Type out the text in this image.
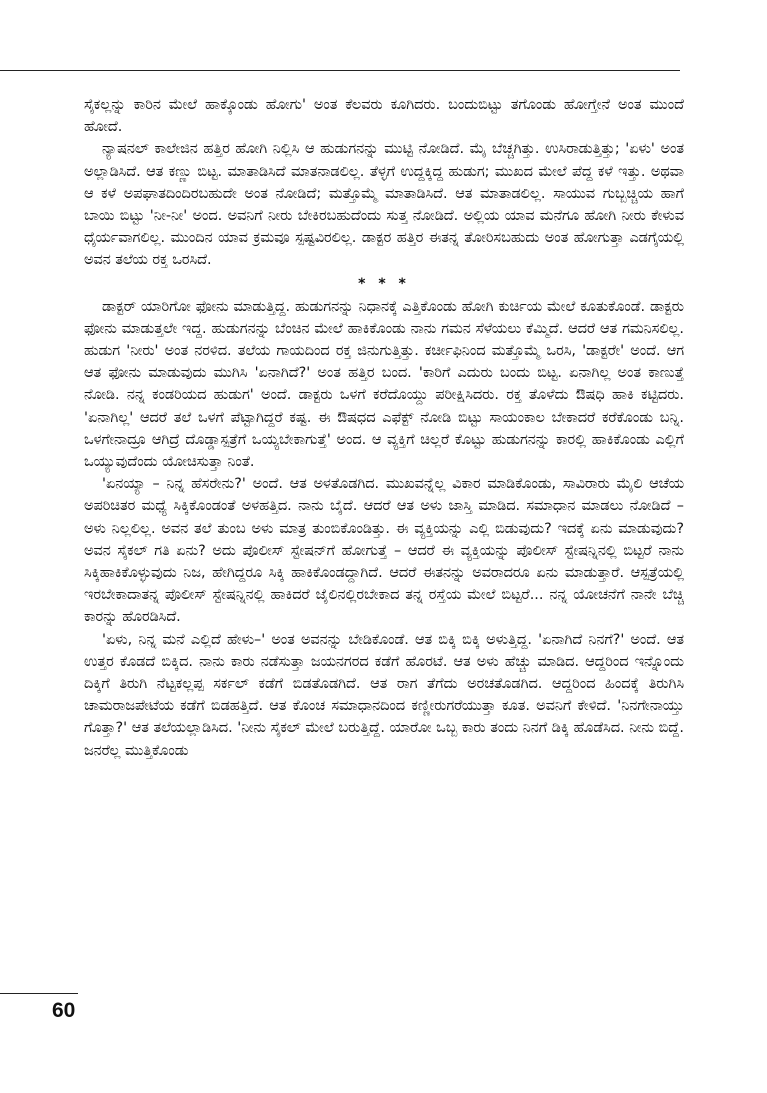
ಸೈಕಲ್ಲನ್ನು ಕಾರಿನ ಮೇಲೆ ಹಾಕ್ಕೊಂಡು ಹೋಗು' ಅಂತ ಕೆಲವರು ಕೂಗಿದರು. ಬಂದುಬಿಟ್ಟು ತಗೊಂಡು ಹೋಗ್ತೇನೆ ಅಂತ ಮುಂದೆ ಹೋದೆ.

ನ್ಯಾಷನಲ್ ಕಾಲೇಜಿನ ಹತ್ತಿರ ಹೋಗಿ ನಿಲ್ಲಿಸಿ ಆ ಹುಡುಗನನ್ನು ಮುಟ್ಟಿ ನೋಡಿದೆ. ಮೈ ಬೆಚ್ಚಗಿತ್ತು. ಉಸಿರಾಡುತ್ತಿತ್ತು; 'ಏಳು' ಅಂತ ಅಲ್ಲಾಡಿಸಿದೆ. ಆತ ಕಣ್ಣು ಬಿಟ್ಟ. ಮಾತಾಡಿಸಿದೆ ಮಾತನಾಡಲಿಲ್ಲ. ತೆಳ್ಳಗೆ ಉದ್ದಕ್ಕಿದ್ದ ಹುಡುಗ; ಮುಖದ ಮೇಲೆ ಪೆದ್ದ ಕಳೆ ಇತ್ತು. ಅಥವಾ ಆ ಕಳೆ ಅಪಘಾತದಿಂದಿರಬಹುದೇ ಅಂತ ನೋಡಿದೆ; ಮತ್ತೊಮ್ಮೆ ಮಾತಾಡಿಸಿದೆ. ಆತ ಮಾತಾಡಲಿಲ್ಲ. ಸಾಯುವ ಗುಬ್ಬಚ್ಚಿಯ ಹಾಗೆ ಬಾಯಿ ಬಿಟ್ಟು 'ನೀ-ನೀ' ಅಂದ. ಅವನಿಗೆ ನೀರು ಬೇಕಿರಬಹುದೆಂದು ಸುತ್ತ ನೋಡಿದೆ. ಅಲ್ಲಿಯ ಯಾವ ಮನೆಗೂ ಹೋಗಿ ನೀರು ಕೇಳುವ ಧೈರ್ಯವಾಗಲಿಲ್ಲ. ಮುಂದಿನ ಯಾವ ಕ್ರಮವೂ ಸ್ಪಷ್ಟವಿರಲಿಲ್ಲ. ಡಾಕ್ಟರ ಹತ್ತಿರ ಈತನ್ನ ತೋರಿಸಬಹುದು ಅಂತ ಹೋಗುತ್ತಾ ಎಡಗೈಯಲ್ಲಿ ಅವನ ತಲೆಯ ರಕ್ತ ಒರಸಿದೆ.

* * *

ಡಾಕ್ಟರ್ ಯಾರಿಗೋ ಫೋನು ಮಾಡುತ್ತಿದ್ದ. ಹುಡುಗನನ್ನು ನಿಧಾನಕ್ಕೆ ಎತ್ತಿಕೊಂಡು ಹೋಗಿ ಕುರ್ಚಿಯ ಮೇಲೆ ಕೂತುಕೊಂಡೆ. ಡಾಕ್ಟರು ಫೋನು ಮಾಡುತ್ತಲೇ ಇದ್ದ. ಹುಡುಗನನ್ನು ಬೆಂಚಿನ ಮೇಲೆ ಹಾಕಿಕೊಂಡು ನಾನು ಗಮನ ಸೆಳೆಯಲು ಕೆಮ್ಮಿದೆ. ಆದರೆ ಆತ ಗಮನಿಸಲಿಲ್ಲ. ಹುಡುಗ 'ನೀರು' ಅಂತ ನರಳಿದ. ತಲೆಯ ಗಾಯದಿಂದ ರಕ್ತ ಜಿನುಗುತ್ತಿತ್ತು. ಕರ್ಚೀಫಿನಿಂದ ಮತ್ತೊಮ್ಮೆ ಒರಸಿ, 'ಡಾಕ್ಟರೇ' ಅಂದೆ. ಆಗ ಆತ ಫೋನು ಮಾಡುವುದು ಮುಗಿಸಿ 'ಏನಾಗಿದೆ?' ಅಂತ ಹತ್ತಿರ ಬಂದ. 'ಕಾರಿಗೆ ಎದುರು ಬಂದು ಬಿಟ್ಟ. ಏನಾಗಿಲ್ಲ ಅಂತ ಕಾಣುತ್ತೆ ನೋಡಿ. ನನ್ನ ಕಂಡರಿಯದ ಹುಡುಗ' ಅಂದೆ. ಡಾಕ್ಟರು ಒಳಗೆ ಕರೆದೊಯ್ದು ಪರೀಕ್ಷಿಸಿದರು. ರಕ್ತ ತೊಳೆದು ಔಷಧಿ ಹಾಕಿ ಕಟ್ಟಿದರು. 'ಏನಾಗಿಲ್ಲ' ಆದರೆ ತಲೆ ಒಳಗೆ ಪೆಟ್ಟಾಗಿದ್ದರೆ ಕಷ್ಟ. ಈ ಔಷಧದ ಎಫೆಕ್ಟ್ ನೋಡಿ ಬಿಟ್ಟು ಸಾಯಂಕಾಲ ಬೇಕಾದರೆ ಕರೆಕೊಂಡು ಬನ್ನಿ. ಒಳಗೇನಾದ್ರೂ ಆಗಿದ್ರೆ ದೊಡ್ಡಾಸ್ಪತ್ರೆಗೆ ಒಯ್ಯಬೇಕಾಗುತ್ತೆ' ಅಂದ. ಆ ವ್ಯಕ್ತಿಗೆ ಚಿಲ್ಲರೆ ಕೊಟ್ಟು ಹುಡುಗನನ್ನು ಕಾರಲ್ಲಿ ಹಾಕಿಕೊಂಡು ಎಲ್ಲಿಗೆ ಒಯ್ಯುವುದೆಂದು ಯೋಚಿಸುತ್ತಾ ನಿಂತೆ.

'ಏನಯ್ಯಾ – ನಿನ್ನ ಹೆಸರೇನು?' ಅಂದೆ. ಆತ ಅಳತೊಡಗಿದ. ಮುಖವನ್ನೆಲ್ಲ ವಿಕಾರ ಮಾಡಿಕೊಂಡು, ಸಾವಿರಾರು ಮೈಲಿ ಆಚೆಯ ಅಪರಿಚಿತರ ಮಧ್ಯೆ ಸಿಕ್ಕಿಕೊಂಡಂತೆ ಅಳಹತ್ತಿದ. ನಾನು ಬೈದೆ. ಆದರೆ ಆತ ಅಳು ಜಾಸ್ತಿ ಮಾಡಿದ. ಸಮಾಧಾನ ಮಾಡಲು ನೋಡಿದೆ – ಅಳು ನಿಲ್ಲಲಿಲ್ಲ. ಅವನ ತಲೆ ತುಂಬ ಅಳು ಮಾತ್ರ ತುಂಬಿಕೊಂಡಿತ್ತು. ಈ ವ್ಯಕ್ತಿಯನ್ನು ಎಲ್ಲಿ ಬಿಡುವುದು? ಇದಕ್ಕೆ ಏನು ಮಾಡುವುದು? ಅವನ ಸೈಕಲ್ ಗತಿ ಏನು? ಅದು ಪೊಲೀಸ್ ಸ್ಟೇಷನ್‌ಗೆ ಹೋಗುತ್ತೆ – ಆದರೆ ಈ ವ್ಯಕ್ತಿಯನ್ನು ಪೊಲೀಸ್ ಸ್ಟೇಷನ್ನಿನಲ್ಲಿ ಬಿಟ್ಟರೆ ನಾನು ಸಿಕ್ಕಿಹಾಕಿಕೊಳ್ಳುವುದು ನಿಜ, ಹೇಗಿದ್ದರೂ ಸಿಕ್ಕಿ ಹಾಕಿಕೊಂಡದ್ದಾಗಿದೆ. ಆದರೆ ಈತನನ್ನು ಅವರಾದರೂ ಏನು ಮಾಡುತ್ತಾರೆ. ಆಸ್ಪತ್ರೆಯಲ್ಲಿ ಇರಬೇಕಾದಾತನ್ನ ಪೊಲೀಸ್ ಸ್ಟೇಷನ್ನಿನಲ್ಲಿ ಹಾಕಿದರೆ ಜೈಲಿನಲ್ಲಿರಬೇಕಾದ ತನ್ನ ರಸ್ತೆಯ ಮೇಲೆ ಬಿಟ್ಟರೆ... ನನ್ನ ಯೋಚನೆಗೆ ನಾನೇ ಬೆಚ್ಚಿ ಕಾರನ್ನು ಹೊರಡಿಸಿದೆ.

'ಏಳು, ನಿನ್ನ ಮನೆ ಎಲ್ಲಿದೆ ಹೇಳು–' ಅಂತ ಅವನನ್ನು ಬೇಡಿಕೊಂಡೆ. ಆತ ಬಿಕ್ಕಿ ಬಿಕ್ಕಿ ಅಳುತ್ತಿದ್ದ. 'ಏನಾಗಿದೆ ನಿನಗೆ?' ಅಂದೆ. ಆತ ಉತ್ತರ ಕೊಡದೆ ಬಿಕ್ಕಿದ. ನಾನು ಕಾರು ನಡೆಸುತ್ತಾ ಜಯನಗರದ ಕಡೆಗೆ ಹೊರಟೆ. ಆತ ಅಳು ಹೆಚ್ಚು ಮಾಡಿದ. ಆದ್ದರಿಂದ ಇನ್ನೊಂದು ದಿಕ್ಕಿಗೆ ತಿರುಗಿ ನೆಟ್ಟಕಲ್ಲಪ್ಪ ಸರ್ಕಲ್ ಕಡೆಗೆ ಬಿಡತೊಡಗಿದೆ. ಆತ ರಾಗ ತೆಗೆದು ಅರಚತೊಡಗಿದ. ಆದ್ದರಿಂದ ಹಿಂದಕ್ಕೆ ತಿರುಗಿಸಿ ಚಾಮರಾಜಪೇಟೆಯ ಕಡೆಗೆ ಬಿಡಹತ್ತಿದೆ. ಆತ ಕೊಂಚ ಸಮಾಧಾನದಿಂದ ಕಣ್ಣೀರುಗರೆಯುತ್ತಾ ಕೂತ. ಅವನಿಗೆ ಕೇಳಿದೆ. 'ನಿನಗೇನಾಯ್ತು ಗೊತ್ತಾ?' ಆತ ತಲೆಯಲ್ಲಾಡಿಸಿದ. 'ನೀನು ಸೈಕಲ್ ಮೇಲೆ ಬರುತ್ತಿದ್ದೆ. ಯಾರೋ ಒಬ್ಬ ಕಾರು ತಂದು ನಿನಗೆ ಡಿಕ್ಕಿ ಹೊಡೆಸಿದ. ನೀನು ಬಿದ್ದೆ. ಜನರೆಲ್ಲ ಮುತ್ತಿಕೊಂಡು

60
